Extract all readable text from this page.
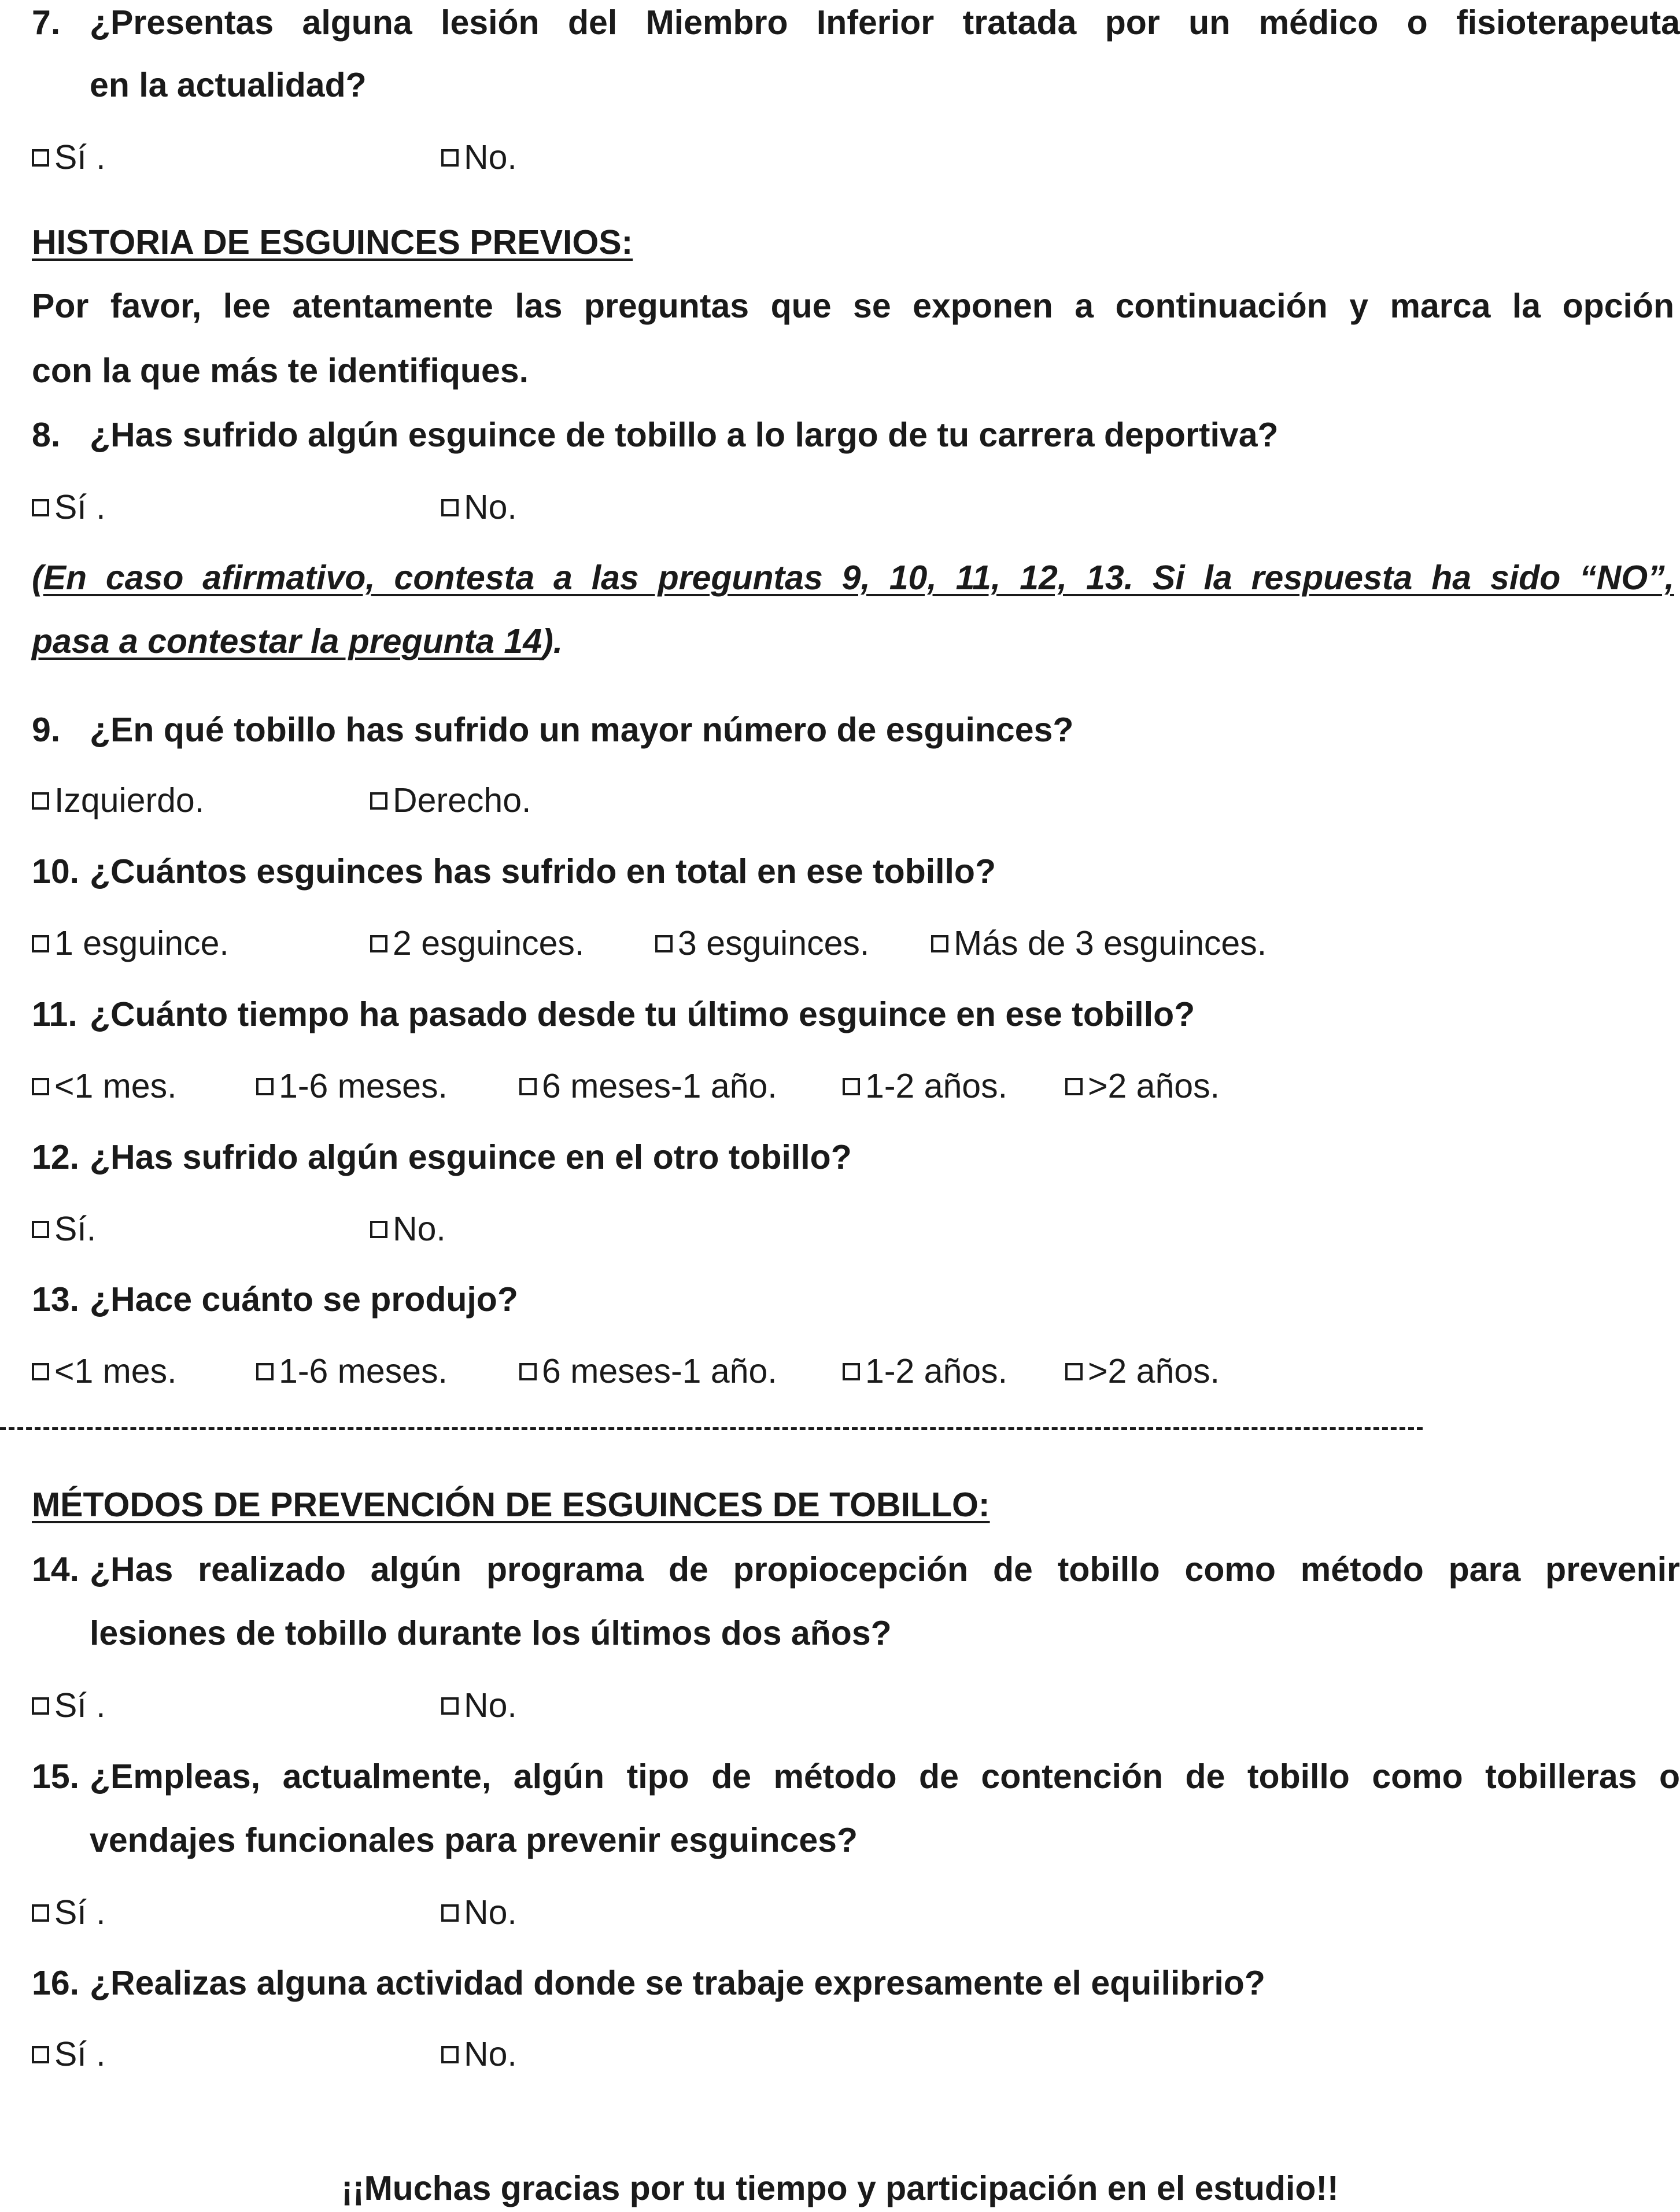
7. ¿Presentas alguna lesión del Miembro Inferior tratada por un médico o fisioterapeuta
en la actualidad?
Sí .	No.
HISTORIA DE ESGUINCES PREVIOS:
Por favor, lee atentamente las preguntas que se exponen a continuación y marca la opción
con la que más te identifiques.
8. ¿Has sufrido algún esguince de tobillo a lo largo de tu carrera deportiva?
Sí .	No.
(En caso afirmativo, contesta a las preguntas 9, 10, 11, 12, 13. Si la respuesta ha sido “NO”,
pasa a contestar la pregunta 14).
9. ¿En qué tobillo has sufrido un mayor número de esguinces?
Izquierdo.	Derecho.
10. ¿Cuántos esguinces has sufrido en total en ese tobillo?
1 esguince.	2 esguinces.	3 esguinces. Más de 3 esguinces.
11. ¿Cuánto tiempo ha pasado desde tu último esguince en ese tobillo?
<1 mes.	1-6 meses.	6 meses-1 año.	1-2 años. >2 años.
12. ¿Has sufrido algún esguince en el otro tobillo?
Sí.	No.
13. ¿Hace cuánto se produjo?
<1 mes.	1-6 meses.	6 meses-1 año.	1-2 años. >2 años.
MÉTODOS DE PREVENCIÓN DE ESGUINCES DE TOBILLO:
14. ¿Has realizado algún programa de propiocepción de tobillo como método para prevenir
lesiones de tobillo durante los últimos dos años?
Sí .	No.
15. ¿Empleas, actualmente, algún tipo de método de contención de tobillo como tobilleras o
vendajes funcionales para prevenir esguinces?
Sí .	No.
16. ¿Realizas alguna actividad donde se trabaje expresamente el equilibrio?
Sí .	No.
¡¡Muchas gracias por tu tiempo y participación en el estudio!!
